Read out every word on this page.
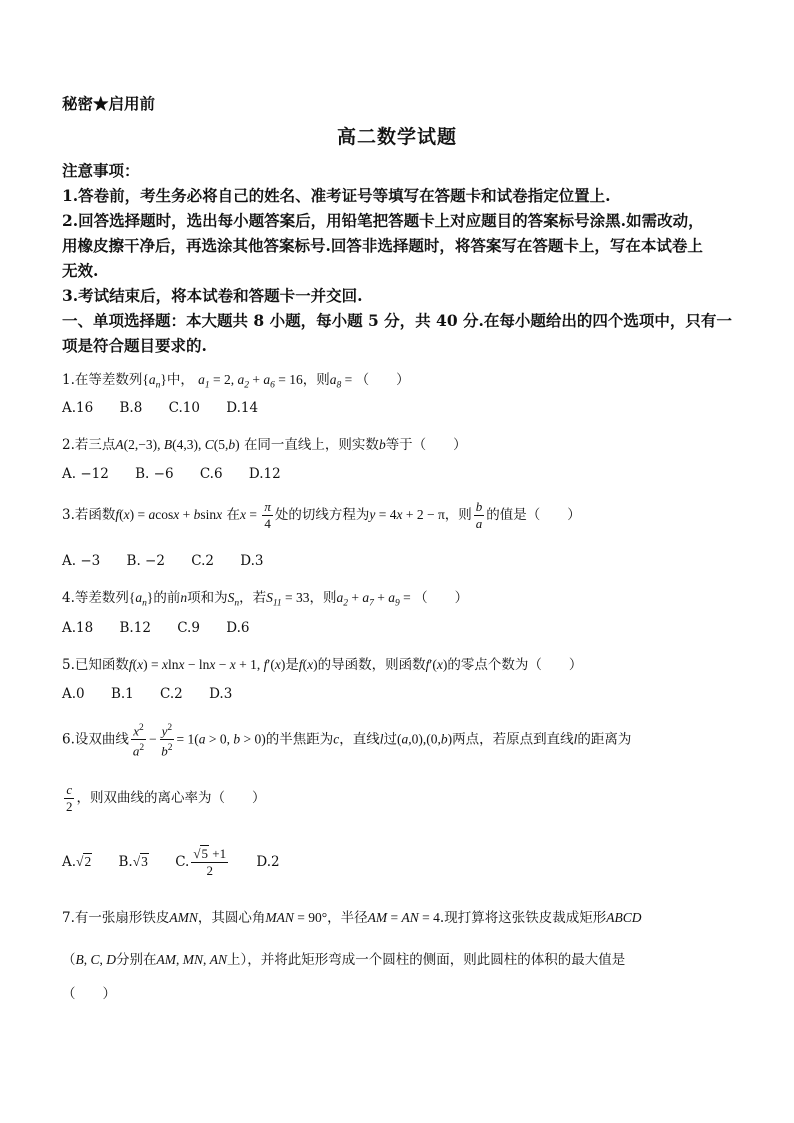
秘密★启用前
高二数学试题
注意事项：
1.答卷前，考生务必将自己的姓名、准考证号等填写在答题卡和试卷指定位置上.
2.回答选择题时，选出每小题答案后，用铅笔把答题卡上对应题目的答案标号涂黑.如需改动，
用橡皮擦干净后，再选涂其他答案标号.回答非选择题时，将答案写在答题卡上，写在本试卷上
无效.
3.考试结束后，将本试卷和答题卡一并交回.
一、单项选择题：本大题共 8 小题，每小题 5 分，共 40 分.在每小题给出的四个选项中，只有一
项是符合题目要求的.
1.在等差数列$\{a_n\}$中， $a_1 = 2$, $a_2 + a_6 = 16$，则$a_8$ = （　　）
A.16 B.8 C.10 D.14
2.若三点A(2,−3), B(4,3), C(5,b) 在同一直线上，则实数b等于（　　）
A. −12 B. −6 C.6 D.12
3.若函数f(x) = acosx + bsinx 在$x = \frac{\pi}{4}$ 处的切线方程为y = 4x + 2 − π，则 $\frac{b}{a}$ 的值是（　　）
A. −3 B. −2 C.2 D.3
4.等差数列$\{a_n\}$的前n项和为$S_n$，若$S_{11} = 33$，则$a_2 + a_7 + a_9$ = （　　）
A.18 B.12 C.9 D.6
5.已知函数f(x) = xlnx − lnx − x + 1, f′(x)是f(x)的导函数，则函数f′(x)的零点个数为（　　）
A.0 B.1 C.2 D.3
6.设双曲线 $\frac{x^2}{a^2} - \frac{y^2}{b^2} = 1(a > 0$, b > 0)的半焦距为c，直线l过(a,0),(0,b)两点，若原点到直线l的距离为
$\frac{c}{2}$ ，则双曲线的离心率为（　　）
A.√2 B.√3 C. $\frac{√5 +1}{2} D.2$
7.有一张扇形铁皮AMN，其圆心角MAN = 90°，半径AM = AN = 4.现打算将这张铁皮裁成矩形ABCD
（B, C, D分别在AM, MN, AN上），并将此矩形弯成一个圆柱的侧面，则此圆柱的体积的最大值是
（　　）
